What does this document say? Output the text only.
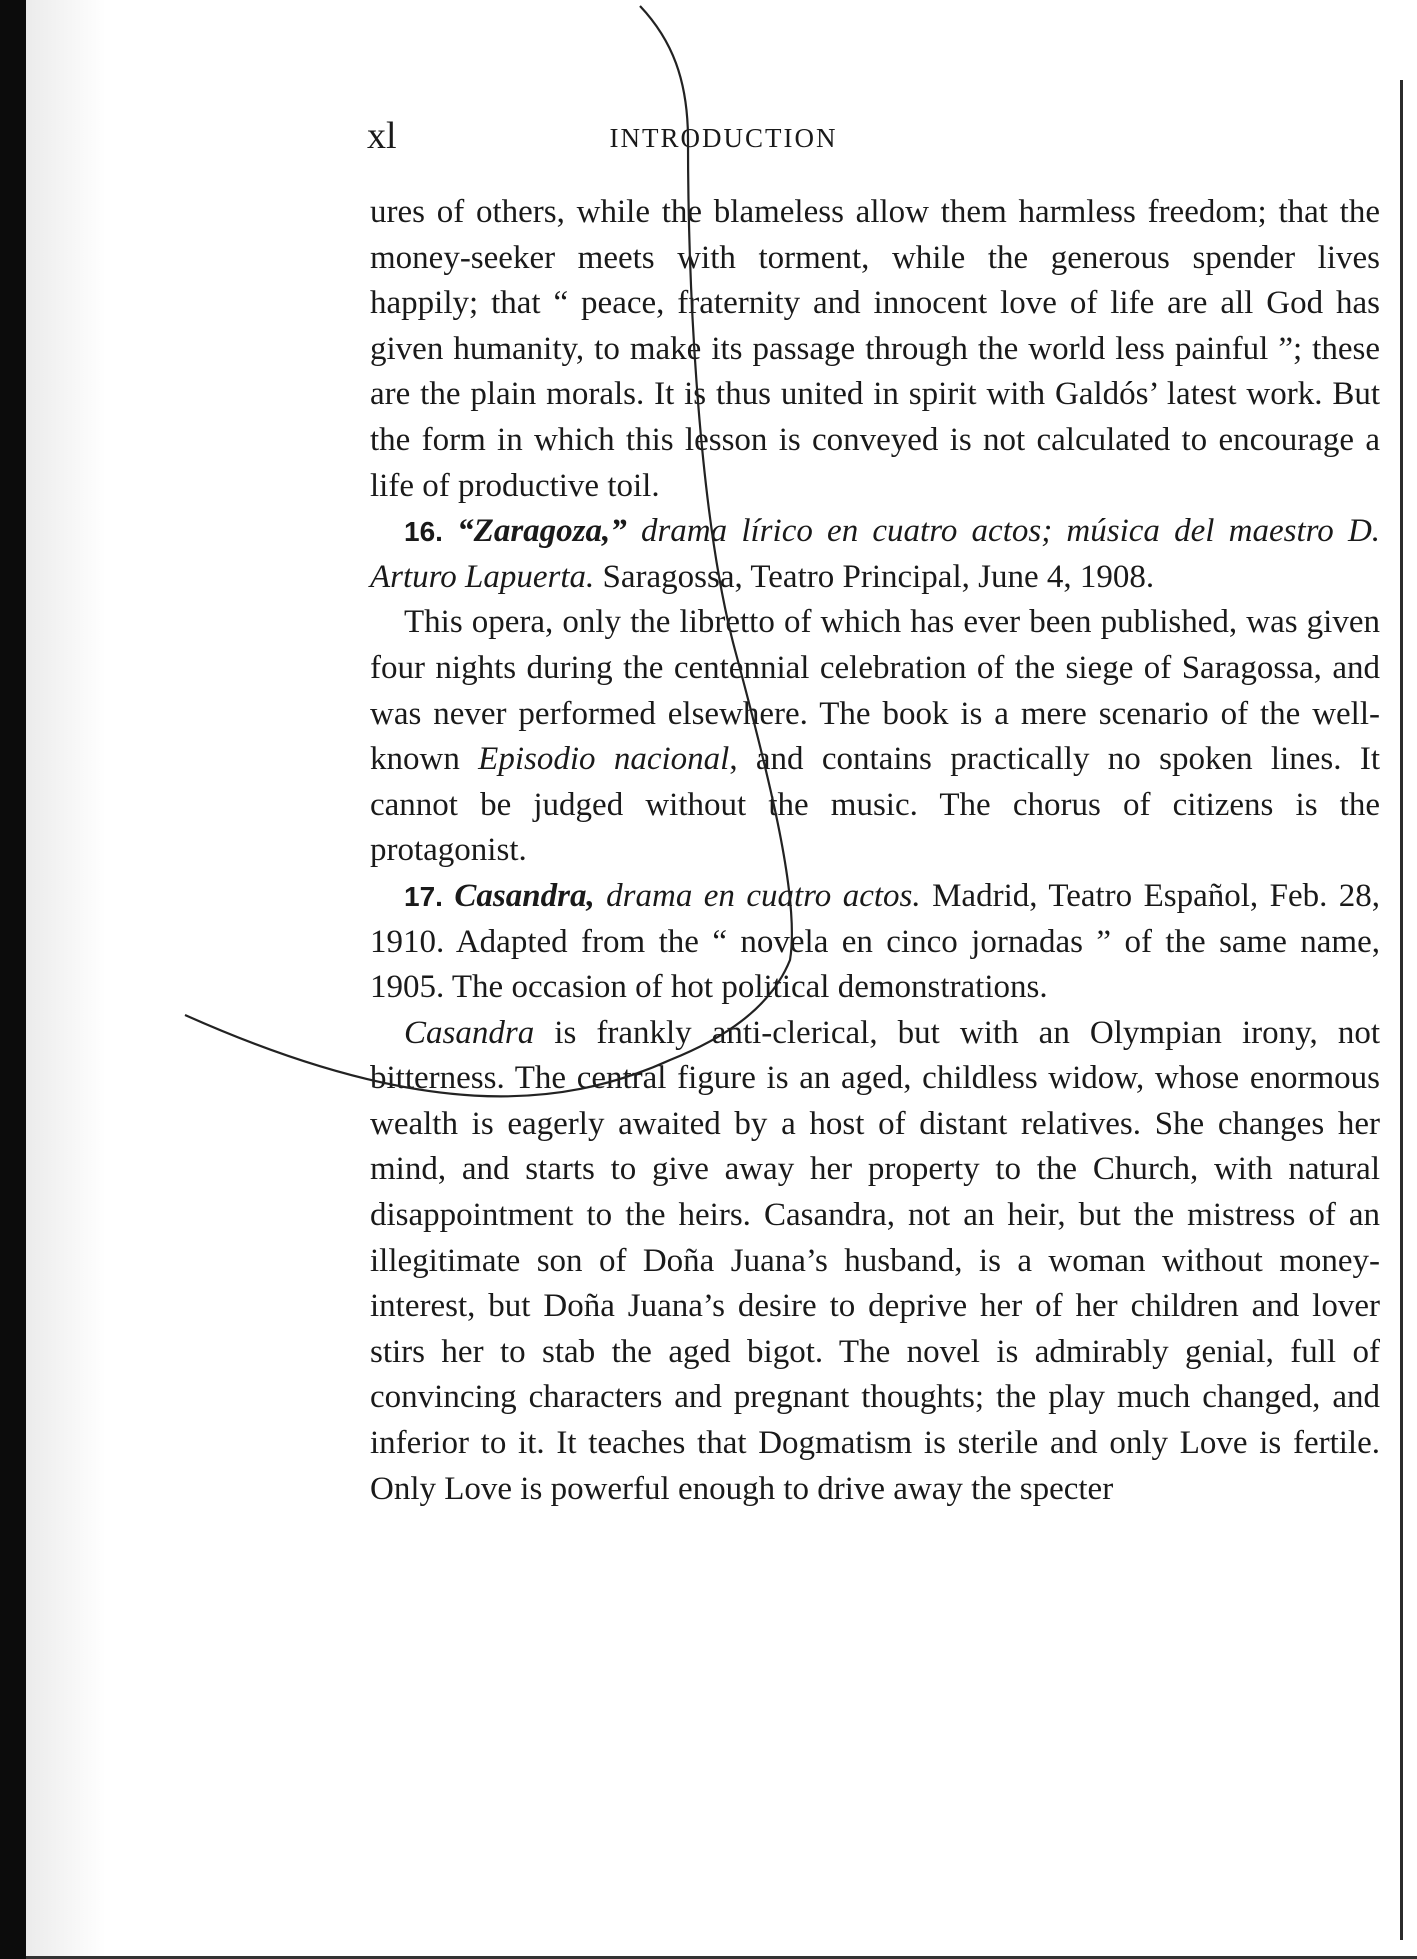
xl	INTRODUCTION

ures of others, while the blameless allow them harmless freedom; that the money-seeker meets with torment, while the generous spender lives happily; that “ peace, fraternity and innocent love of life are all God has given humanity, to make its passage through the world less painful ”; these are the plain morals. It is thus united in spirit with Galdós’ latest work. But the form in which this lesson is conveyed is not calculated to encourage a life of productive toil.

16. “Zaragoza,” drama lírico en cuatro actos; música del maestro D. Arturo Lapuerta. Saragossa, Teatro Principal, June 4, 1908.

This opera, only the libretto of which has ever been published, was given four nights during the centennial celebration of the siege of Saragossa, and was never performed elsewhere. The book is a mere scenario of the well-known Episodio nacional, and contains practically no spoken lines. It cannot be judged without the music. The chorus of citizens is the protagonist.

17. Casandra, drama en cuatro actos. Madrid, Teatro Español, Feb. 28, 1910. Adapted from the “ novela en cinco jornadas ” of the same name, 1905. The occasion of hot political demonstrations.

Casandra is frankly anti-clerical, but with an Olympian irony, not bitterness. The central figure is an aged, childless widow, whose enormous wealth is eagerly awaited by a host of distant relatives. She changes her mind, and starts to give away her property to the Church, with natural disappointment to the heirs. Casandra, not an heir, but the mistress of an illegitimate son of Doña Juana’s husband, is a woman without money-interest, but Doña Juana’s desire to deprive her of her children and lover stirs her to stab the aged bigot. The novel is admirably genial, full of convincing characters and pregnant thoughts; the play much changed, and inferior to it. It teaches that Dogmatism is sterile and only Love is fertile. Only Love is powerful enough to drive away the specter
